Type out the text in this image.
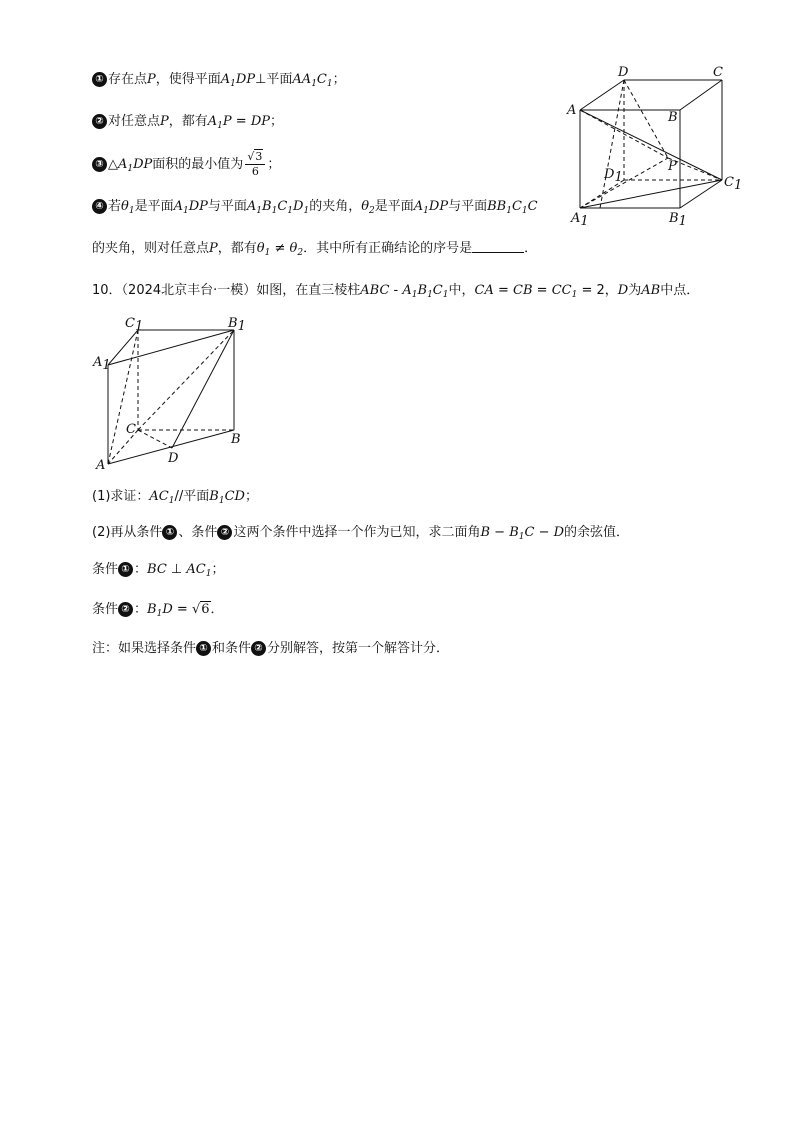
① 存在点P，使得平面$A_1DP\perp$平面$AA_1C_1$；
② 对任意点P，都有$A_1P$ = DP；
③ $\triangle A_1DP$面积的最小值为 $\frac{√3}{6}$ ；
④ 若$\theta_1$是平面$A_1DP$与平面$A_1B_1C_1D_1$的夹角，$\theta_2$是平面$A_1DP$与平面$BB_1C_1C$
的夹角，则对任意点P，都有$\theta_1 \ne \theta_2$．其中所有正确结论的序号是	．
10．（2024北京丰台·一模）如图，在直三棱柱ABC - $A_1B_1C_1$中，CA = CB = $CC_1 = 2$，D为AB中点．
(1)求证：$AC_1//$平面$B_1CD$；
(2)再从条件 ① 、条件 ② 这两个条件中选择一个作为已知，求二面角$B - B_1C - D$的余弦值．
条件 ① ：BC ⊥ $AC_1$；
条件 ② ：$B_1D = √6$．
注：如果选择条件 ① 和条件 ② 分别解答，按第一个解答计分．
D	C
A	B
P
D1	C1
A1	B1
C1	B1
A1
C
B
A	D
